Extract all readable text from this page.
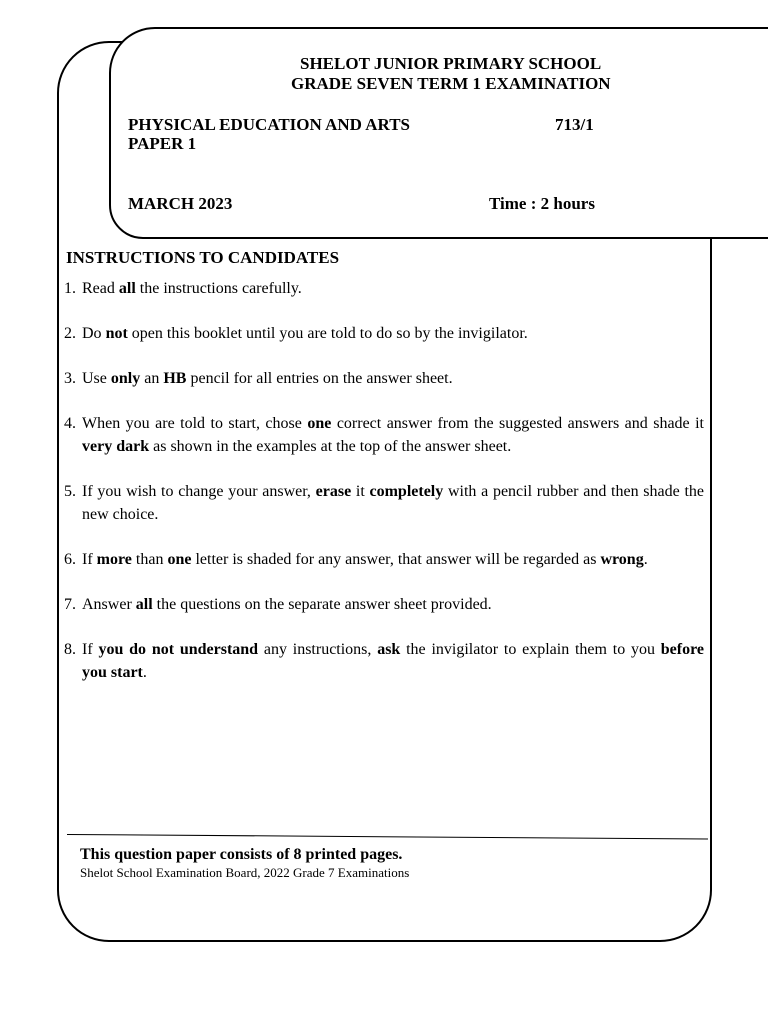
SHELOT JUNIOR PRIMARY SCHOOL
GRADE SEVEN TERM 1 EXAMINATION
PHYSICAL EDUCATION AND ARTS
PAPER 1
713/1
MARCH 2023	Time : 2 hours
INSTRUCTIONS TO CANDIDATES
1. Read all the instructions carefully.
2. Do not open this booklet until you are told to do so by the invigilator.
3. Use only an HB pencil for all entries on the answer sheet.
4. When you are told to start, chose one correct answer from the suggested answers and shade it very dark as shown in the examples at the top of the answer sheet.
5. If you wish to change your answer, erase it completely with a pencil rubber and then shade the new choice.
6. If more than one letter is shaded for any answer, that answer will be regarded as wrong.
7. Answer all the questions on the separate answer sheet provided.
8. If you do not understand any instructions, ask the invigilator to explain them to you before you start.
This question paper consists of 8 printed pages.
Shelot School Examination Board, 2022 Grade 7 Examinations
